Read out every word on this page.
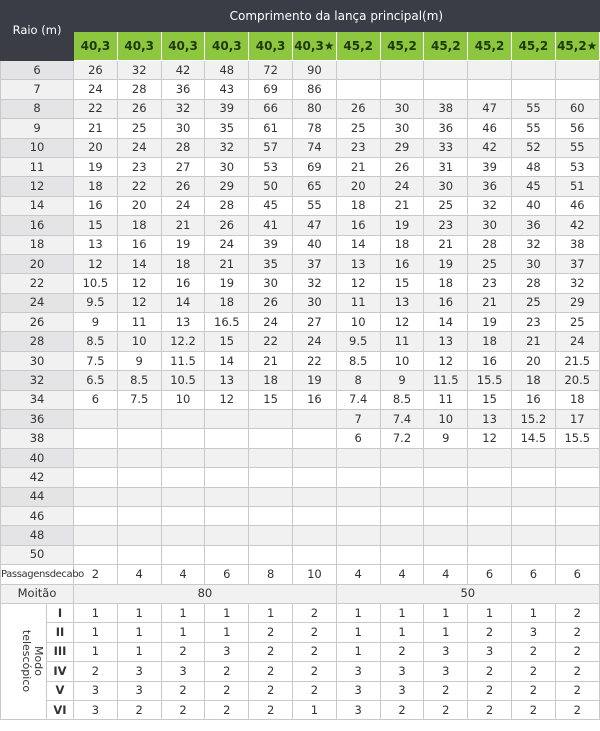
Raio (m)		Comprimento da lança principal(m)											
		40,3	40,3	40,3	40,3	40,3	40,3★	45,2	45,2	45,2	45,2	45,2	45,2★
6		26	32	42	48	72	90						
7		24	28	36	43	69	86						
8		22	26	32	39	66	80	26	30	38	47	55	60
9		21	25	30	35	61	78	25	30	36	46	55	56
10		20	24	28	32	57	74	23	29	33	42	52	55
11		19	23	27	30	53	69	21	26	31	39	48	53
12		18	22	26	29	50	65	20	24	30	36	45	51
14		16	20	24	28	45	55	18	21	25	32	40	46
16		15	18	21	26	41	47	16	19	23	30	36	42
18		13	16	19	24	39	40	14	18	21	28	32	38
20		12	14	18	21	35	37	13	16	19	25	30	37
22		10.5	12	16	19	30	32	12	15	18	23	28	32
24		9.5	12	14	18	26	30	11	13	16	21	25	29
26		9	11	13	16.5	24	27	10	12	14	19	23	25
28		8.5	10	12.2	15	22	24	9.5	11	13	18	21	24
30		7.5	9	11.5	14	21	22	8.5	10	12	16	20	21.5
32		6.5	8.5	10.5	13	18	19	8	9	11.5	15.5	18	20.5
34		6	7.5	10	12	15	16	7.4	8.5	11	15	16	18
36								7	7.4	10	13	15.2	17
38								6	7.2	9	12	14.5	15.5
40													
42													
44													
46													
48													
50													
Passagensdecabo		2	4	4	6	8	10	4	4	4	6	6	6
Moitão		80						50					
Modo
telescópico	I	1	1	1	1	1	2	1	1	1	1	1	2
	II	1	1	1	1	2	2	1	1	1	2	3	2
	III	1	1	2	3	2	2	1	2	3	3	2	2
	IV	2	3	3	2	2	2	3	3	3	2	2	2
	V	3	3	2	2	2	2	3	3	2	2	2	2
	VI	3	2	2	2	2	1	3	2	2	2	2	2
